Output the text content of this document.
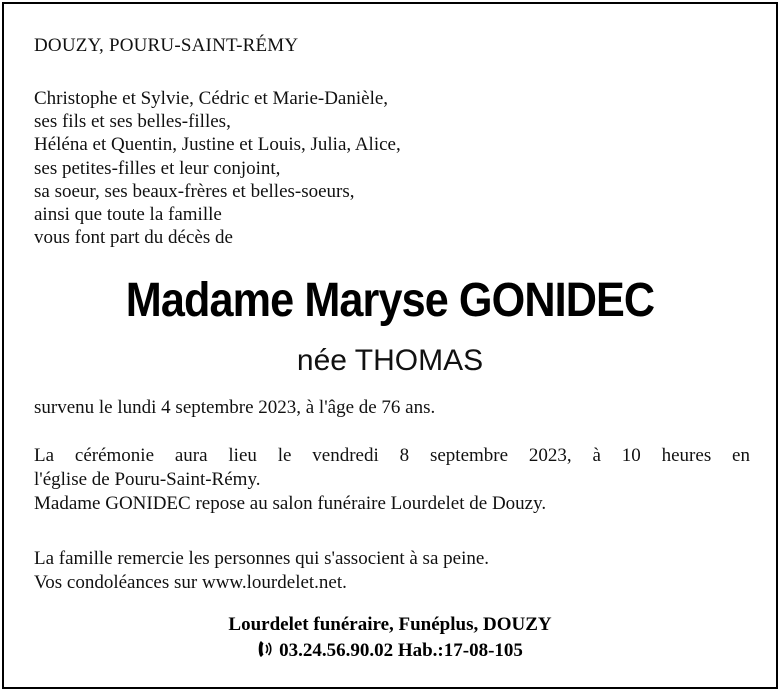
DOUZY, POURU-SAINT-RÉMY
Christophe et Sylvie, Cédric et Marie-Danièle,
ses fils et ses belles-filles,
Héléna et Quentin, Justine et Louis, Julia, Alice,
ses petites-filles et leur conjoint,
sa soeur, ses beaux-frères et belles-soeurs,
ainsi que toute la famille
vous font part du décès de
Madame Maryse GONIDEC
née THOMAS
survenu le lundi 4 septembre 2023, à l'âge de 76 ans.
La cérémonie aura lieu le vendredi 8 septembre 2023, à 10 heures en
l'église de Pouru-Saint-Rémy.
Madame GONIDEC repose au salon funéraire Lourdelet de Douzy.
La famille remercie les personnes qui s'associent à sa peine.
Vos condoléances sur www.lourdelet.net.
Lourdelet funéraire, Funéplus, DOUZY
03.24.56.90.02 Hab.:17-08-105
